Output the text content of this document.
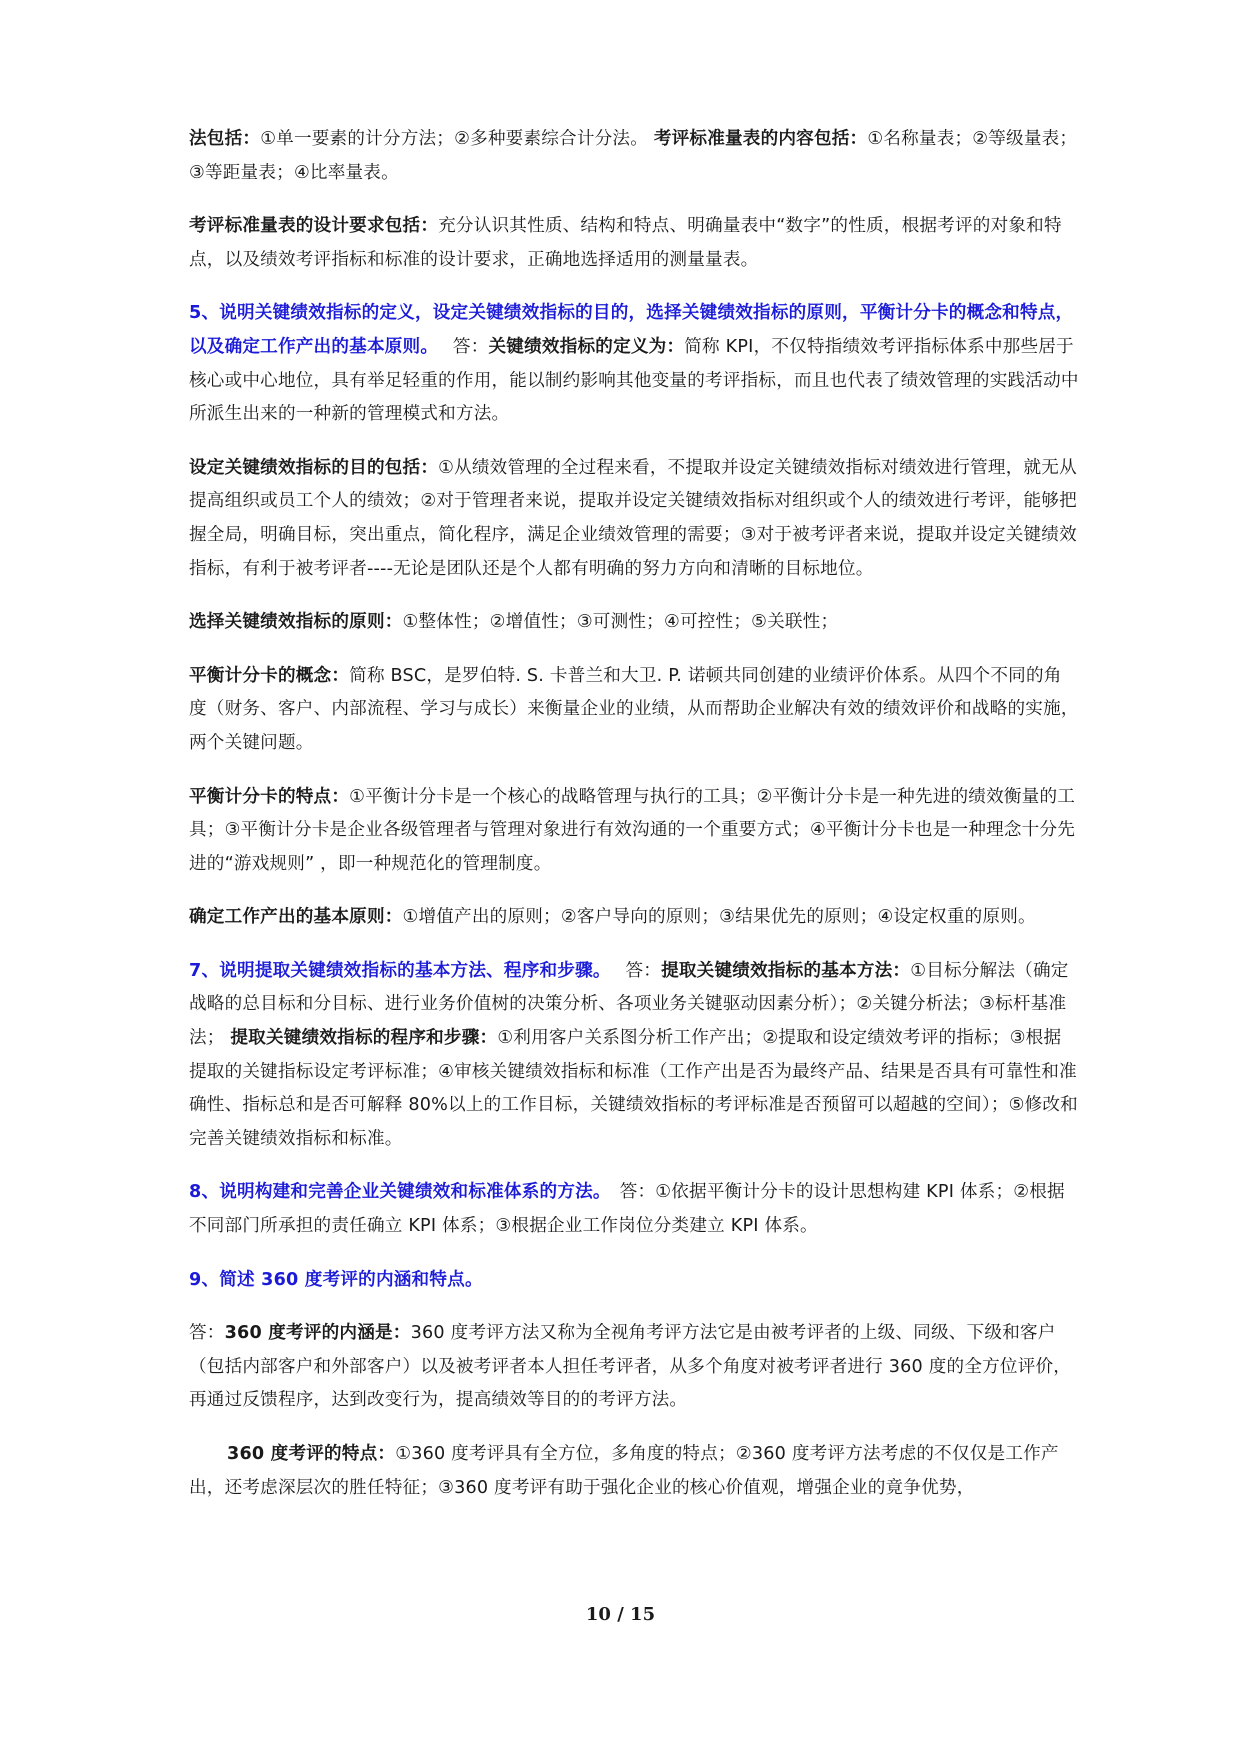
法包括：①单一要素的计分方法；②多种要素综合计分法。 考评标准量表的内容包括：①名称量表；②等级量表；③等距量表；④比率量表。

考评标准量表的设计要求包括：充分认识其性质、结构和特点、明确量表中“数字”的性质，根据考评的对象和特点，以及绩效考评指标和标准的设计要求，正确地选择适用的测量量表。

5、说明关键绩效指标的定义，设定关键绩效指标的目的，选择关键绩效指标的原则，平衡计分卡的概念和特点，以及确定工作产出的基本原则。　 答：关键绩效指标的定义为：简称 KPI，不仅特指绩效考评指标体系中那些居于核心或中心地位，具有举足轻重的作用，能以制约影响其他变量的考评指标，而且也代表了绩效管理的实践活动中所派生出来的一种新的管理模式和方法。

设定关键绩效指标的目的包括：①从绩效管理的全过程来看，不提取并设定关键绩效指标对绩效进行管理，就无从提高组织或员工个人的绩效；②对于管理者来说，提取并设定关键绩效指标对组织或个人的绩效进行考评，能够把握全局，明确目标，突出重点，简化程序，满足企业绩效管理的需要；③对于被考评者来说，提取并设定关键绩效指标，有利于被考评者----无论是团队还是个人都有明确的努力方向和清晰的目标地位。

选择关键绩效指标的原则：①整体性；②增值性；③可测性；④可控性；⑤关联性；

平衡计分卡的概念：简称 BSC，是罗伯特. S. 卡普兰和大卫. P. 诺顿共同创建的业绩评价体系。从四个不同的角度（财务、客户、内部流程、学习与成长）来衡量企业的业绩，从而帮助企业解决有效的绩效评价和战略的实施，两个关键问题。

平衡计分卡的特点：①平衡计分卡是一个核心的战略管理与执行的工具；②平衡计分卡是一种先进的绩效衡量的工具；③平衡计分卡是企业各级管理者与管理对象进行有效沟通的一个重要方式；④平衡计分卡也是一种理念十分先进的“游戏规则” ，即一种规范化的管理制度。

确定工作产出的基本原则：①增值产出的原则；②客户导向的原则；③结果优先的原则；④设定权重的原则。

7、说明提取关键绩效指标的基本方法、程序和步骤。　 答：提取关键绩效指标的基本方法：①目标分解法（确定战略的总目标和分目标、进行业务价值树的决策分析、各项业务关键驱动因素分析）；②关键分析法；③标杆基准法； 提取关键绩效指标的程序和步骤：①利用客户关系图分析工作产出；②提取和设定绩效考评的指标；③根据提取的关键指标设定考评标准；④审核关键绩效指标和标准（工作产出是否为最终产品、结果是否具有可靠性和准确性、指标总和是否可解释 80%以上的工作目标，关键绩效指标的考评标准是否预留可以超越的空间）；⑤修改和完善关键绩效指标和标准。

8、说明构建和完善企业关键绩效和标准体系的方法。　答：①依据平衡计分卡的设计思想构建 KPI 体系；②根据不同部门所承担的责任确立 KPI 体系；③根据企业工作岗位分类建立 KPI 体系。

9、简述 360 度考评的内涵和特点。

答：360 度考评的内涵是：360 度考评方法又称为全视角考评方法它是由被考评者的上级、同级、下级和客户（包括内部客户和外部客户）以及被考评者本人担任考评者，从多个角度对被考评者进行 360 度的全方位评价，再通过反馈程序，达到改变行为，提高绩效等目的的考评方法。

360 度考评的特点：①360 度考评具有全方位，多角度的特点；②360 度考评方法考虑的不仅仅是工作产出，还考虑深层次的胜任特征；③360 度考评有助于强化企业的核心价值观，增强企业的竟争优势，

10 / 15
